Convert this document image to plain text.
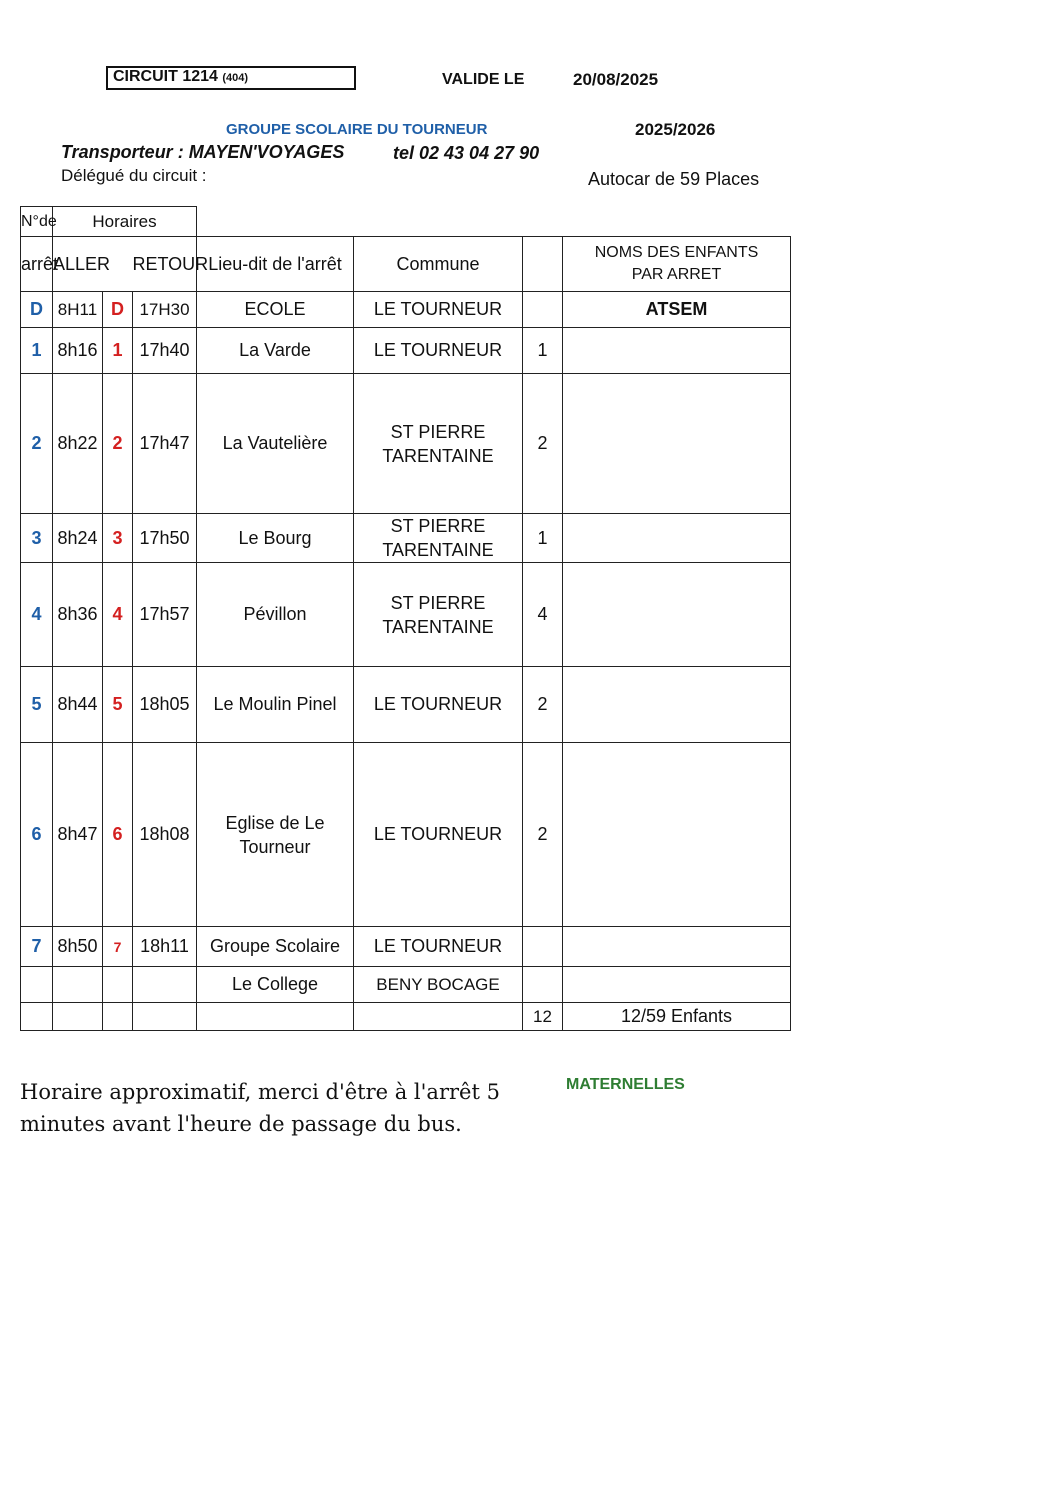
CIRCUIT 1214 (404)	VALIDE LE	20/08/2025
GROUPE SCOLAIRE DU TOURNEUR	2025/2026
Transporteur : MAYEN'VOYAGES	tel 02 43 04 27 90
Délégué du circuit :	Autocar de 59 Places
N°de	Horaires						

arrêt	ALLER		RETOUR	Lieu-dit de l'arrêt	Commune		NOMS DES ENFANTS PAR ARRET
D	8H11	D	17H30	ECOLE	LE TOURNEUR		ATSEM
1	8h16	1	17h40	La Varde	LE TOURNEUR	1	
2	8h22	2	17h47	La Vautelière	ST PIERRE TARENTAINE	2	
3	8h24	3	17h50	Le Bourg	ST PIERRE TARENTAINE	1	
4	8h36	4	17h57	Pévillon	ST PIERRE TARENTAINE	4	
5	8h44	5	18h05	Le Moulin Pinel	LE TOURNEUR	2	
6	8h47	6	18h08	Eglise de Le Tourneur	LE TOURNEUR	2	
7	8h50	7	18h11	Groupe Scolaire	LE TOURNEUR		
				Le College	BENY BOCAGE		
						12	12/59 Enfants
Horaire approximatif, merci d'être à l'arrêt 5 minutes avant l'heure de passage du bus.
MATERNELLES
